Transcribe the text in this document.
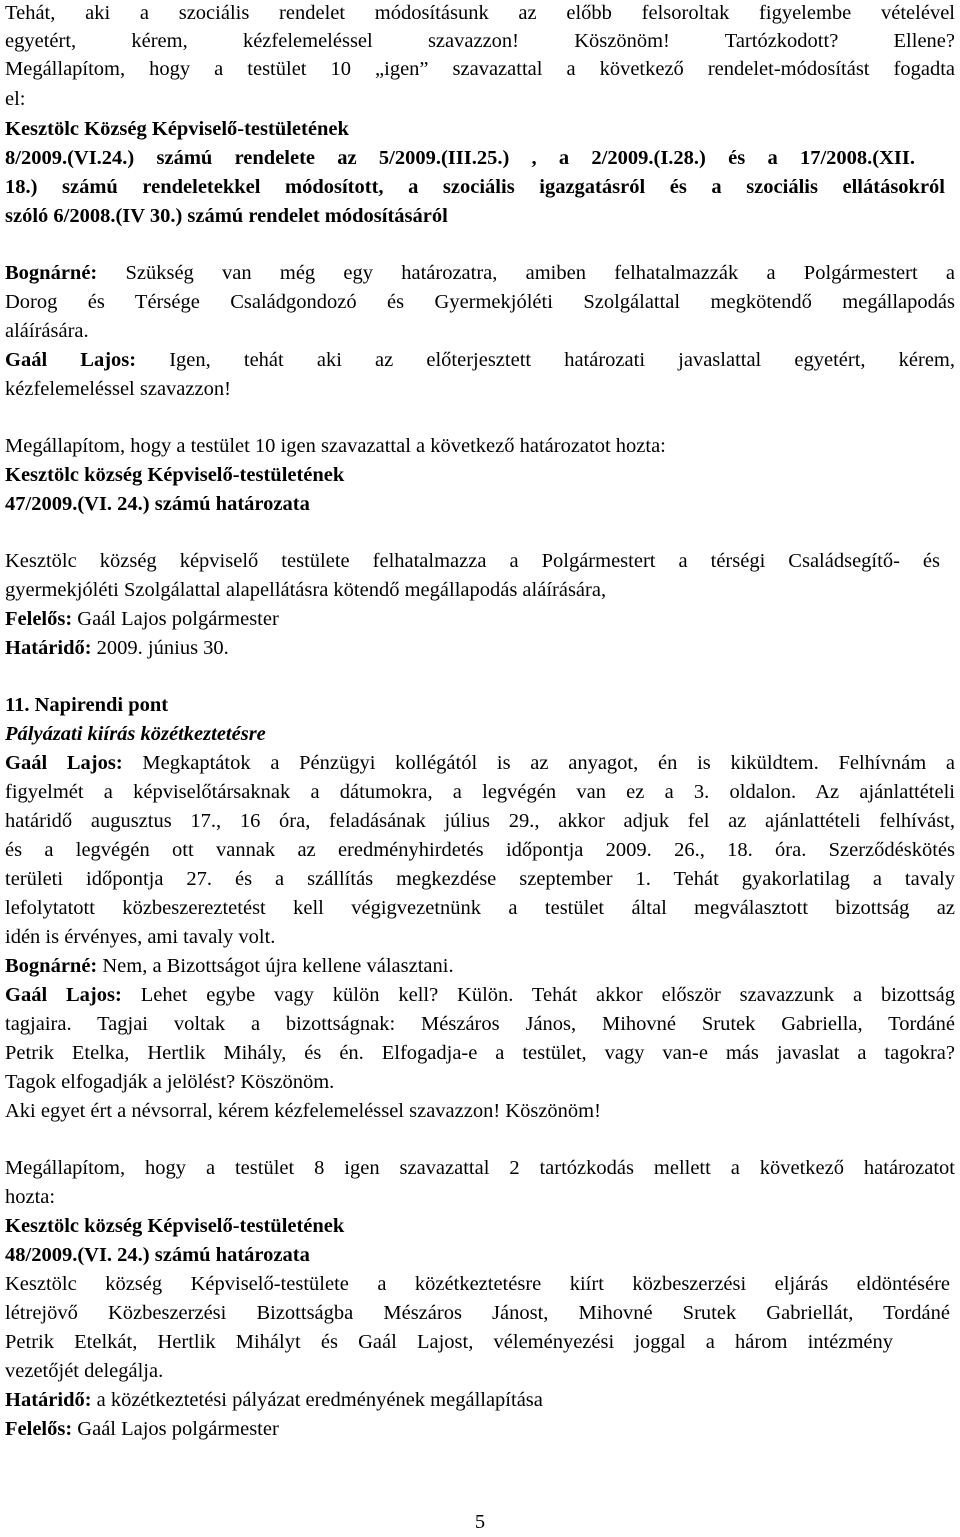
Tehát, aki a szociális rendelet módosításunk az előbb felsoroltak figyelembe vételével
egyetért, kérem, kézfelemeléssel szavazzon! Köszönöm! Tartózkodott? Ellene?
Megállapítom, hogy a testület 10 „igen” szavazattal a következő rendelet-módosítást fogadta
el:
Kesztölc Község Képviselő-testületének
8/2009.(VI.24.) számú rendelete az 5/2009.(III.25.) , a 2/2009.(I.28.) és a 17/2008.(XII.
18.) számú rendeletekkel módosított, a szociális igazgatásról és a szociális ellátásokról
szóló 6/2008.(IV 30.) számú rendelet módosításáról
Bognárné: Szükség van még egy határozatra, amiben felhatalmazzák a Polgármestert a
Dorog és Térsége Családgondozó és Gyermekjóléti Szolgálattal megkötendő megállapodás
aláírására.
Gaál Lajos: Igen, tehát aki az előterjesztett határozati javaslattal egyetért, kérem,
kézfelemeléssel szavazzon!
Megállapítom, hogy a testület 10 igen szavazattal a következő határozatot hozta:
Kesztölc község Képviselő-testületének
47/2009.(VI. 24.) számú határozata
Kesztölc község képviselő testülete felhatalmazza a Polgármestert a térségi Családsegítő- és
gyermekjóléti Szolgálattal alapellátásra kötendő megállapodás aláírására,
Felelős: Gaál Lajos polgármester
Határidő: 2009. június 30.
11. Napirendi pont
Pályázati kiírás közétkeztetésre
Gaál Lajos: Megkaptátok a Pénzügyi kollégától is az anyagot, én is kiküldtem. Felhívnám a
figyelmét a képviselőtársaknak a dátumokra, a legvégén van ez a 3. oldalon. Az ajánlattételi
határidő augusztus 17., 16 óra, feladásának július 29., akkor adjuk fel az ajánlattételi felhívást,
és a legvégén ott vannak az eredményhirdetés időpontja 2009. 26., 18. óra. Szerződéskötés
területi időpontja 27. és a szállítás megkezdése szeptember 1. Tehát gyakorlatilag a tavaly
lefolytatott közbeszereztetést kell végigvezetnünk a testület által megválasztott bizottság az
idén is érvényes, ami tavaly volt.
Bognárné: Nem, a Bizottságot újra kellene választani.
Gaál Lajos: Lehet egybe vagy külön kell? Külön. Tehát akkor először szavazzunk a bizottság
tagjaira. Tagjai voltak a bizottságnak: Mészáros János, Mihovné Srutek Gabriella, Tordáné
Petrik Etelka, Hertlik Mihály, és én. Elfogadja-e a testület, vagy van-e más javaslat a tagokra?
Tagok elfogadják a jelölést? Köszönöm.
Aki egyet ért a névsorral, kérem kézfelemeléssel szavazzon! Köszönöm!
Megállapítom, hogy a testület 8 igen szavazattal 2 tartózkodás mellett a következő határozatot
hozta:
Kesztölc község Képviselő-testületének
48/2009.(VI. 24.) számú határozata
Kesztölc község Képviselő-testülete a közétkeztetésre kiírt közbeszerzési eljárás eldöntésére
létrejövő Közbeszerzési Bizottságba Mészáros Jánost, Mihovné Srutek Gabriellát, Tordáné
Petrik Etelkát, Hertlik Mihályt és Gaál Lajost, véleményezési joggal a három intézmény
vezetőjét delegálja.
Határidő: a közétkeztetési pályázat eredményének megállapítása
Felelős: Gaál Lajos polgármester
5
